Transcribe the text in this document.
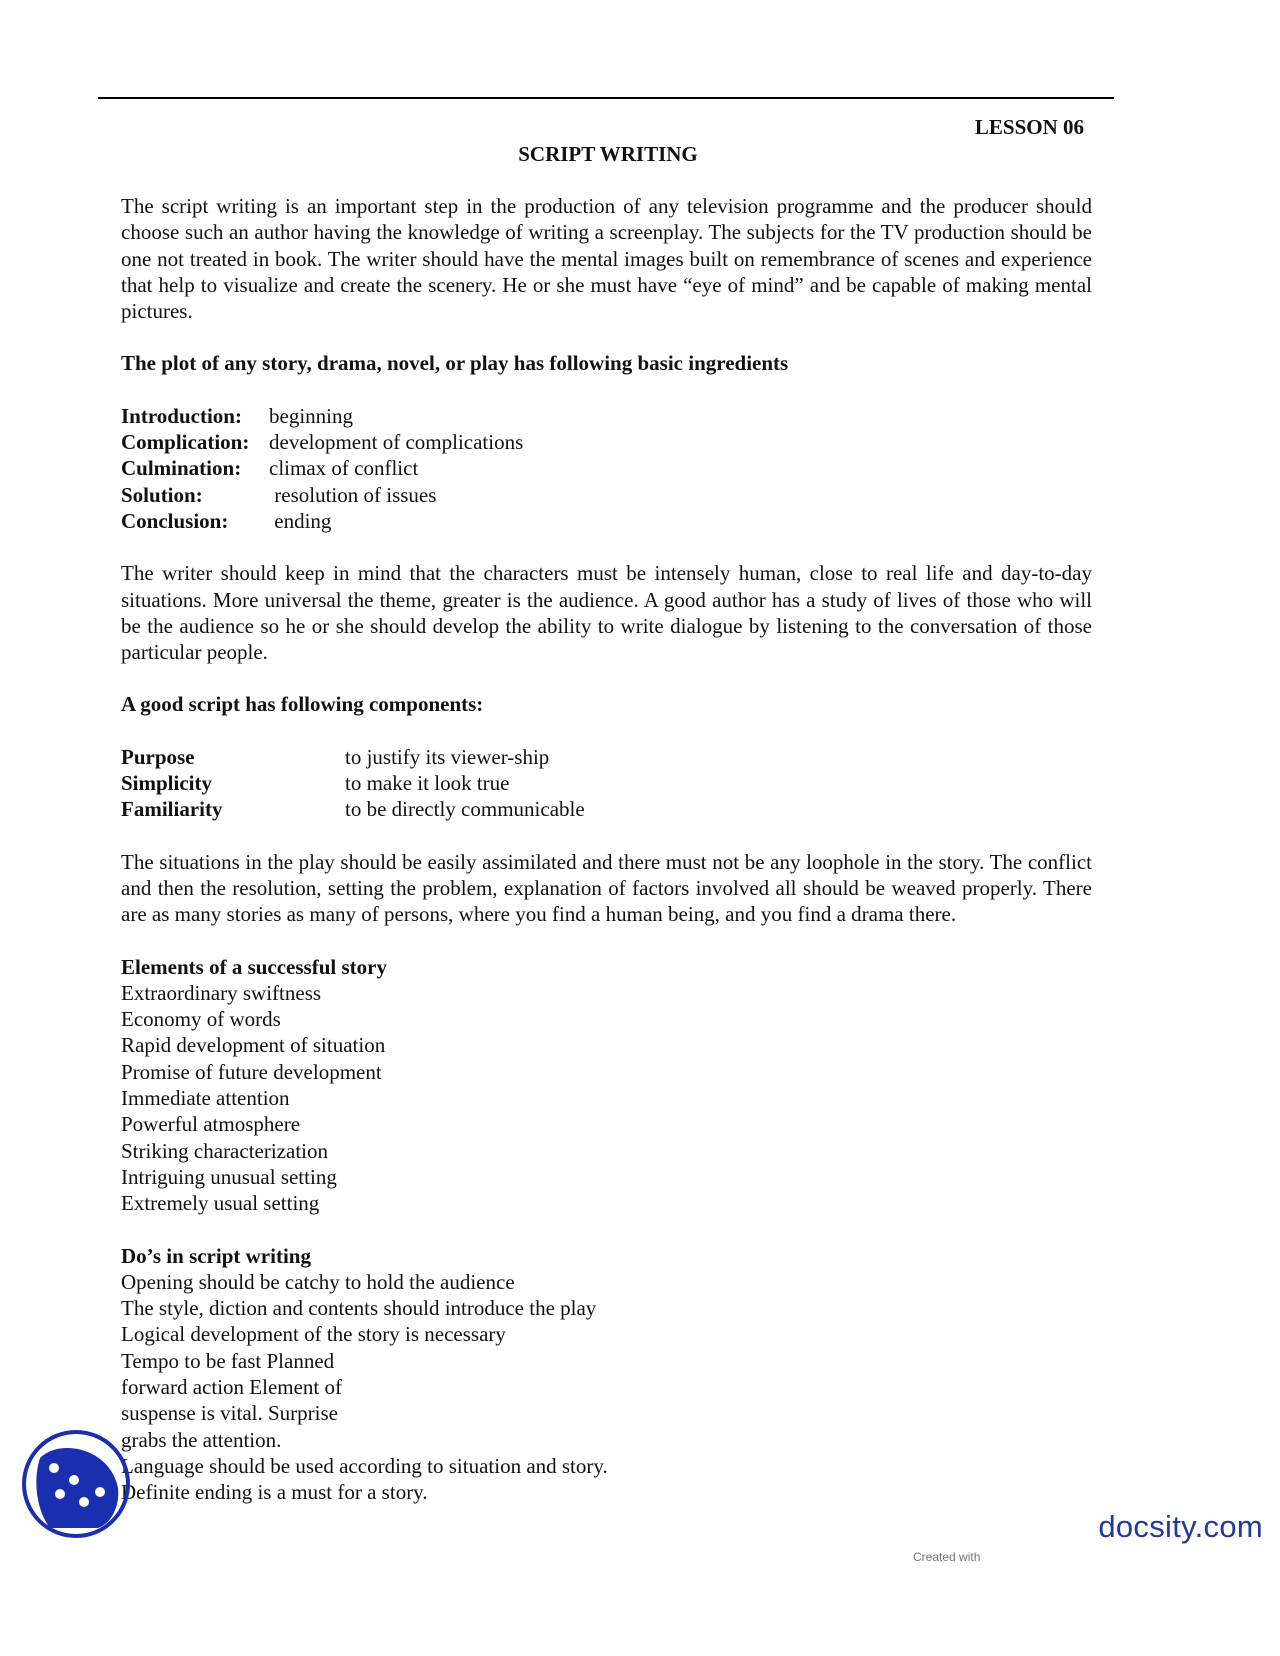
LESSON 06
SCRIPT WRITING

The script writing is an important step in the production of any television programme and the producer should choose such an author having the knowledge of writing a screenplay. The subjects for the TV production should be one not treated in book. The writer should have the mental images built on remembrance of scenes and experience that help to visualize and create the scenery. He or she must have “eye of mind” and be capable of making mental pictures.

The plot of any story, drama, novel, or play has following basic ingredients

Introduction:	beginning
Complication: development of complications
Culmination:	climax of conflict
Solution:	resolution of issues
Conclusion:	ending

The writer should keep in mind that the characters must be intensely human, close to real life and day-to-day situations. More universal the theme, greater is the audience. A good author has a study of lives of those who will be the audience so he or she should develop the ability to write dialogue by listening to the conversation of those particular people.

A good script has following components:

Purpose	to justify its viewer-ship
Simplicity	to make it look true
Familiarity	to be directly communicable

The situations in the play should be easily assimilated and there must not be any loophole in the story. The conflict and then the resolution, setting the problem, explanation of factors involved all should be weaved properly. There are as many stories as many of persons, where you find a human being, and you find a drama there.

Elements of a successful story

Extraordinary swiftness
Economy of words
Rapid development of situation
Promise of future development
Immediate attention
Powerful atmosphere
Striking characterization
Intriguing unusual setting
Extremely usual setting

Do’s in script writing

Opening should be catchy to hold the audience
The style, diction and contents should introduce the play
Logical development of the story is necessary
Tempo to be fast Planned
forward action Element of
suspense is vital. Surprise
grabs the attention.
Language should be used according to situation and story.
Definite ending is a must for a story.
docsity.com
Created with
